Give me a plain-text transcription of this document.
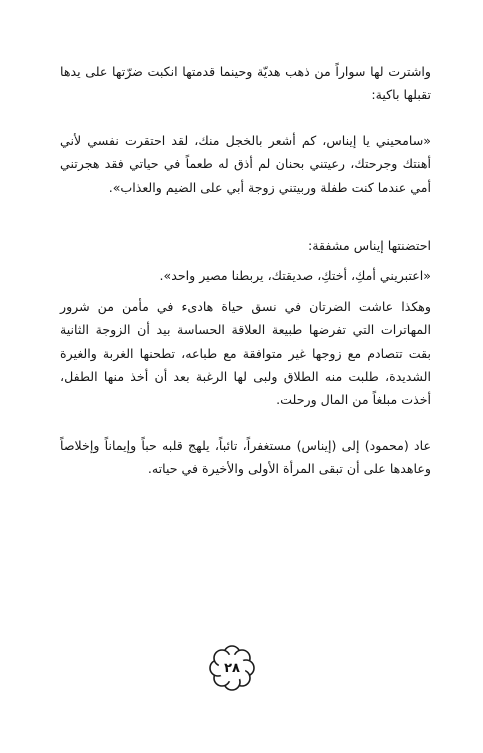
واشترت لها سواراً من ذهب هديّة وحينما قدمتها انكبت ضرّتها على يدها تقبلها باكية:

«سامحيني يا إيناس، كم أشعر بالخجل منك، لقد احتقرت نفسي لأني أهنتك وجرحتك، رعيتني بحنان لم أذق له طعماً في حياتي فقد هجرتني أمي عندما كنت طفلة وربيتني زوجة أبي على الضيم والعذاب».

احتضنتها إيناس مشفقة:

«اعتبريني أمكِ، أختكِ، صديقتك، يربطنا مصير واحد».

وهكذا عاشت الضرتان في نسق حياة هادىء في مأمن من شرور المهاترات التي تفرضها طبيعة العلاقة الحساسة بيد أن الزوجة الثانية بقت تتصادم مع زوجها غير متوافقة مع طباعه، تطحنها الغربة والغيرة الشديدة، طلبت منه الطلاق ولبى لها الرغبة بعد أن أخذ منها الطفل، أخذت مبلغاً من المال ورحلت.

عاد (محمود) إلى (إيناس) مستغفراً، تائباً، يلهج قلبه حباً وإيماناً وإخلاصاً وعاهدها على أن تبقى المرأة الأولى والأخيرة في حياته.

٢٨
